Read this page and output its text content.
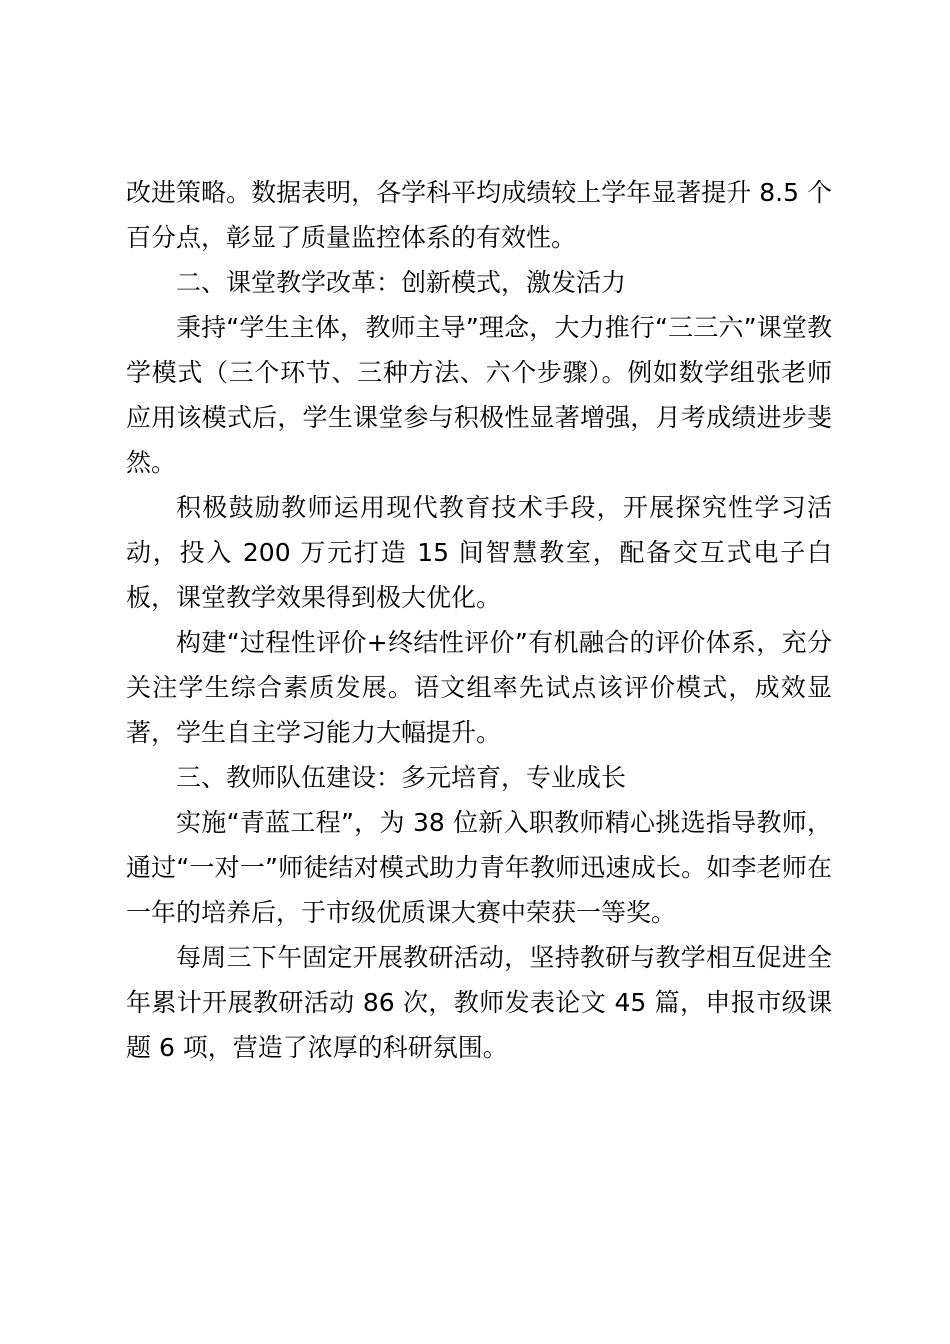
改进策略。数据表明，各学科平均成绩较上学年显著提升 8.5 个百分点，彰显了质量监控体系的有效性。

二、课堂教学改革：创新模式，激发活力

秉持“学生主体，教师主导”理念，大力推行“三三六”课堂教学模式（三个环节、三种方法、六个步骤）。例如数学组张老师应用该模式后，学生课堂参与积极性显著增强，月考成绩进步斐然。

积极鼓励教师运用现代教育技术手段，开展探究性学习活动，投入 200 万元打造 15 间智慧教室，配备交互式电子白板，课堂教学效果得到极大优化。

构建“过程性评价+终结性评价”有机融合的评价体系，充分关注学生综合素质发展。语文组率先试点该评价模式，成效显著，学生自主学习能力大幅提升。

三、教师队伍建设：多元培育，专业成长

实施“青蓝工程”，为 38 位新入职教师精心挑选指导教师，通过“一对一”师徒结对模式助力青年教师迅速成长。如李老师在一年的培养后，于市级优质课大赛中荣获一等奖。

每周三下午固定开展教研活动，坚持教研与教学相互促进全年累计开展教研活动 86 次，教师发表论文 45 篇，申报市级课题 6 项，营造了浓厚的科研氛围。
